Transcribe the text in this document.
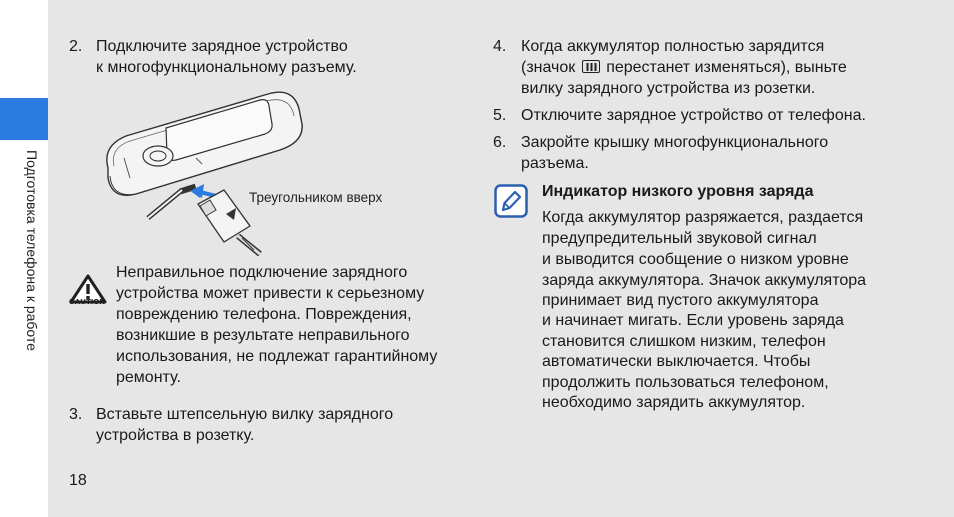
Подготовка телефона к работе
2. Подключите зарядное устройство
к многофункциональному разъему.
Треугольником вверх
CAUTION
Неправильное подключение зарядного
устройства может привести к серьезному
повреждению телефона. Повреждения,
возникшие в результате неправильного
использования, не подлежат гарантийному
ремонту.
3. Вставьте штепсельную вилку зарядного
устройства в розетку.
18
4. Когда аккумулятор полностью зарядится
(значок перестанет изменяться), выньте
вилку зарядного устройства из розетки.
5. Отключите зарядное устройство от телефона.
6. Закройте крышку многофункционального
разъема.
Индикатор низкого уровня заряда
Когда аккумулятор разряжается, раздается
предупредительный звуковой сигнал
и выводится сообщение о низком уровне
заряда аккумулятора. Значок аккумулятора
принимает вид пустого аккумулятора
и начинает мигать. Если уровень заряда
становится слишком низким, телефон
автоматически выключается. Чтобы
продолжить пользоваться телефоном,
необходимо зарядить аккумулятор.
